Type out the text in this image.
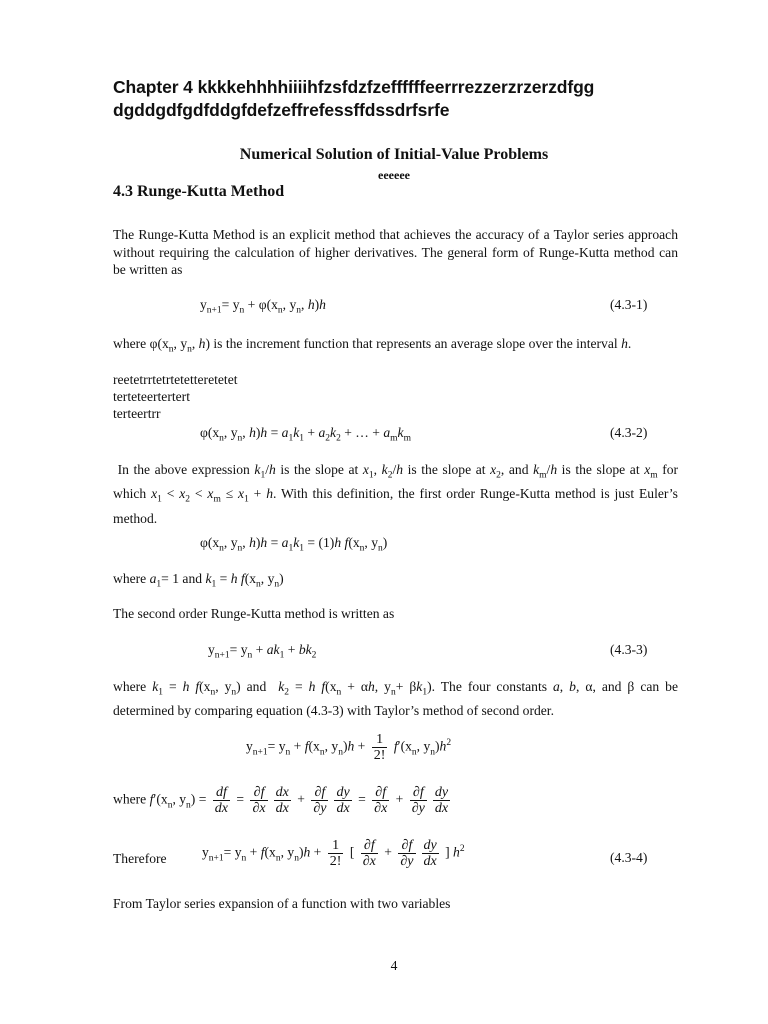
Chapter 4 kkkkehhhhiiiihfzsfdzfzeffffffeerrrezzerzrzerzdfgg dgddgdfgdfddgfdefzeffrefessffdssdrfsrfe
Numerical Solution of Initial-Value Problems
eeeeee
4.3 Runge-Kutta Method
The Runge-Kutta Method is an explicit method that achieves the accuracy of a Taylor series approach without requiring the calculation of higher derivatives. The general form of Runge-Kutta method can be written as
$y_{n+1}= y_n + \varphi(x_n$, $y_n$, h)h	(4.3-1)
where $\varphi(x_n$, $y_n$, h) is the increment function that represents an average slope over the interval h.
reetetrrtetrtetetteretetet
terteteertertert
terteertrr
$\varphi(x_n$, $y_n$, $h)h = a_1k_1 + a_2k_2$ + … + $a_mk_m$	(4.3-2)
In the above expression $k_1/h$ is the slope at $x_1$, $k_2/h$ is the slope at $x_2$, and $k_m/h$ is the slope at $x_m$ for which $x_1 < x_2 < x_m \le x_1 + h$. With this definition, the first order Runge-Kutta method is just Euler’s method.
$\varphi(x_n$, $y_n$, $h)h = a_1k_1 = (1)h$ $f(x_n$, $y_n$)
where $a_1= 1$ and $k_1 = h$ $f(x_n$, $y_n$)
The second order Runge-Kutta method is written as
$y_{n+1}= y_n + ak_1 + bk_2$	(4.3-3)
where $k_1 = h$ $f(x_n$, $y_n$) and  $k_2 = h$ $f(x_n + \alpha h$, $y_n+ \beta k_1$). The four constants a, b, α, and β can be determined by comparing equation (4.3-3) with Taylor’s method of second order.
$y_{n+1}= y_n + f(x_n$, $y_n)h + \frac{1}{2!} f'(x_n$, $y_n)h^2$
where $f'(x_n$, $y_n) = \frac{df}{dx} = \frac{\partial f}{\partial x} \frac{dx}{dx} + \frac{\partial f}{\partial y} \frac{dy}{dx} = \frac{\partial f}{\partial x} + \frac{\partial f}{\partial y} \frac{dy}{dx}$
Therefore	$y_{n+1}= y_n + f(x_n$, $y_n)h + \frac{1}{2!}$ [ $\frac{\partial f}{\partial x} + \frac{\partial f}{\partial y} \frac{dy}{dx}$ ] $h^2$
(4.3-4)
From Taylor series expansion of a function with two variables
4
